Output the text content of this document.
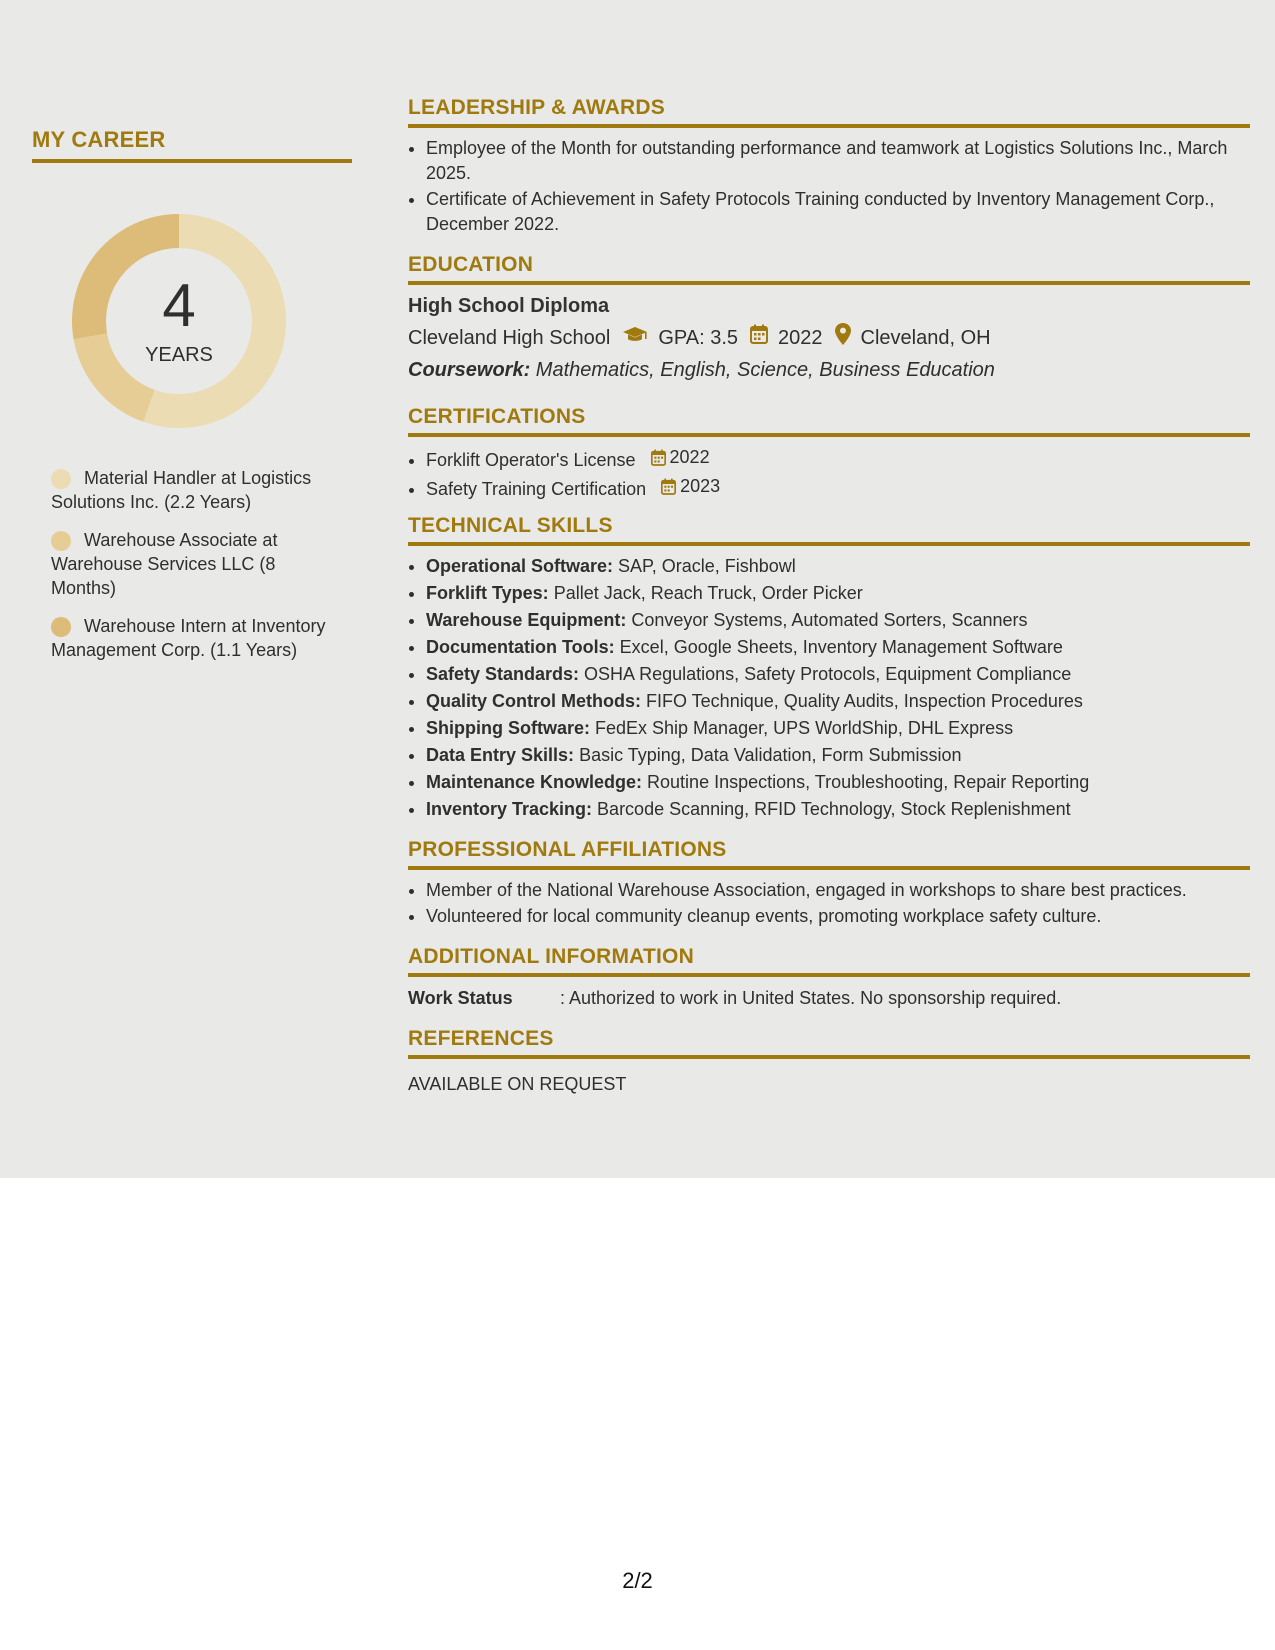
MY CAREER
4
YEARS
Material Handler at Logistics Solutions Inc. (2.2 Years)
Warehouse Associate at Warehouse Services LLC (8 Months)
Warehouse Intern at Inventory Management Corp. (1.1 Years)
LEADERSHIP & AWARDS
• Employee of the Month for outstanding performance and teamwork at Logistics Solutions Inc., March 2025.
• Certificate of Achievement in Safety Protocols Training conducted by Inventory Management Corp., December 2022.
EDUCATION
High School Diploma
Cleveland High School GPA: 3.5 2022 Cleveland, OH
Coursework: Mathematics, English, Science, Business Education
CERTIFICATIONS
• Forklift Operator's License 2022
• Safety Training Certification 2023
TECHNICAL SKILLS
• Operational Software: SAP, Oracle, Fishbowl
• Forklift Types: Pallet Jack, Reach Truck, Order Picker
• Warehouse Equipment: Conveyor Systems, Automated Sorters, Scanners
• Documentation Tools: Excel, Google Sheets, Inventory Management Software
• Safety Standards: OSHA Regulations, Safety Protocols, Equipment Compliance
• Quality Control Methods: FIFO Technique, Quality Audits, Inspection Procedures
• Shipping Software: FedEx Ship Manager, UPS WorldShip, DHL Express
• Data Entry Skills: Basic Typing, Data Validation, Form Submission
• Maintenance Knowledge: Routine Inspections, Troubleshooting, Repair Reporting
• Inventory Tracking: Barcode Scanning, RFID Technology, Stock Replenishment
PROFESSIONAL AFFILIATIONS
• Member of the National Warehouse Association, engaged in workshops to share best practices.
• Volunteered for local community cleanup events, promoting workplace safety culture.
ADDITIONAL INFORMATION
Work Status	: Authorized to work in United States. No sponsorship required.
REFERENCES
AVAILABLE ON REQUEST
2/2
